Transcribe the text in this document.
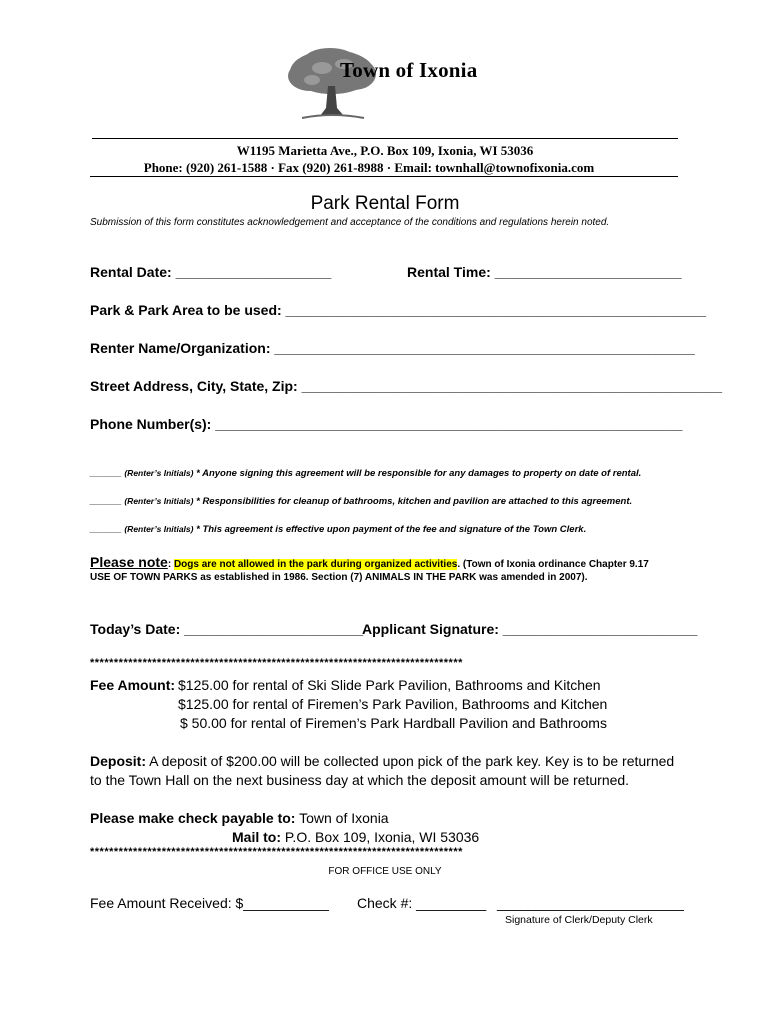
Town of Ixonia
W1195 Marietta Ave., P.O. Box 109, Ixonia, WI 53036
Phone: (920) 261-1588 · Fax (920) 261-8988 · Email: townhall@townofixonia.com
Park Rental Form
Submission of this form constitutes acknowledgement and acceptance of the conditions and regulations herein noted.
Rental Date: ____________________	Rental Time: ________________________
Park & Park Area to be used: ______________________________________________________
Renter Name/Organization: ______________________________________________________
Street Address, City, State, Zip: ______________________________________________________
Phone Number(s): ____________________________________________________________
______ (Renter’s Initials) * Anyone signing this agreement will be responsible for any damages to property on date of rental.
______ (Renter’s Initials) * Responsibilities for cleanup of bathrooms, kitchen and pavilion are attached to this agreement.
______ (Renter’s Initials) * This agreement is effective upon payment of the fee and signature of the Town Clerk.
Please note: Dogs are not allowed in the park during organized activities. (Town of Ixonia ordinance Chapter 9.17
USE OF TOWN PARKS as established in 1986. Section (7) ANIMALS IN THE PARK was amended in 2007).
Today’s Date: _______________________
Applicant Signature: _________________________
******************************************************************************
Fee Amount: $125.00 for rental of Ski Slide Park Pavilion, Bathrooms and Kitchen
$125.00 for rental of Firemen’s Park Pavilion, Bathrooms and Kitchen
$ 50.00 for rental of Firemen’s Park Hardball Pavilion and Bathrooms
Deposit: A deposit of $200.00 will be collected upon pick of the park key. Key is to be returned
to the Town Hall on the next business day at which the deposit amount will be returned.
Please make check payable to: Town of Ixonia
Mail to: P.O. Box 109, Ixonia, WI 53036
******************************************************************************
FOR OFFICE USE ONLY
Fee Amount Received: $___________ Check #: _________ ________________________
Signature of Clerk/Deputy Clerk
